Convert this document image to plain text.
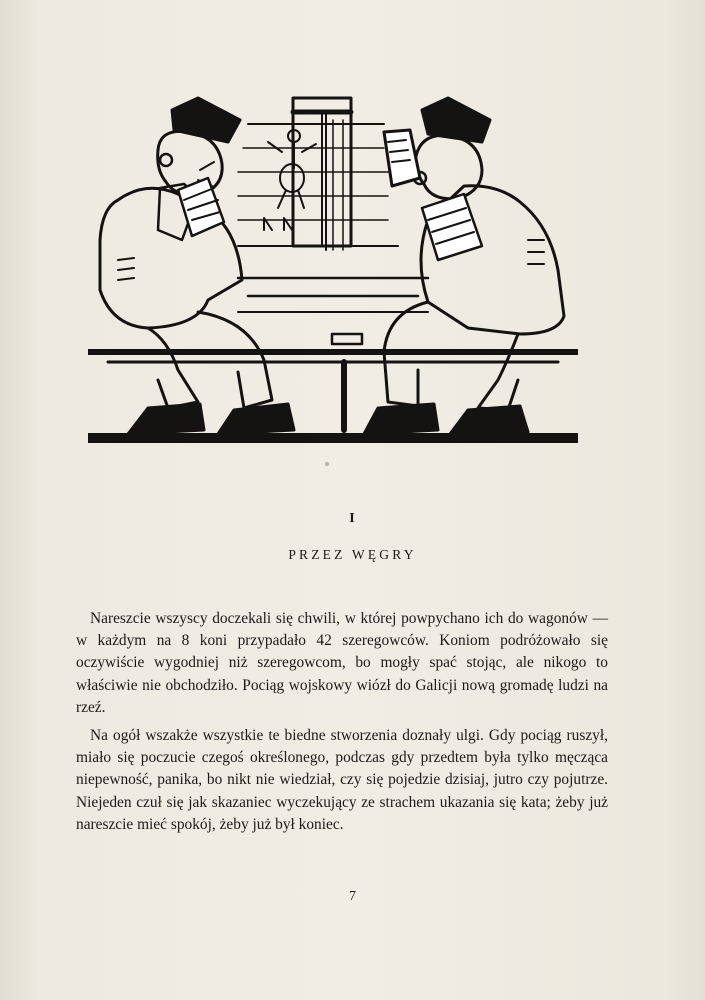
I
PRZEZ WĘGRY

Nareszcie wszyscy doczekali się chwili, w której powpychano ich do wagonów — w każdym na 8 koni przypadało 42 szeregowców. Koniom podróżowało się oczywiście wygodniej niż szeregowcom, bo mogły spać stojąc, ale nikogo to właściwie nie obchodziło. Pociąg wojskowy wiózł do Galicji nową gromadę ludzi na rzeź.

Na ogół wszakże wszystkie te biedne stworzenia doznały ulgi. Gdy pociąg ruszył, miało się poczucie czegoś określonego, podczas gdy przedtem była tylko męcząca niepewność, panika, bo nikt nie wiedział, czy się pojedzie dzisiaj, jutro czy pojutrze. Niejeden czuł się jak skazaniec wyczekujący ze strachem ukazania się kata; żeby już nareszcie mieć spokój, żeby już był koniec.

7
